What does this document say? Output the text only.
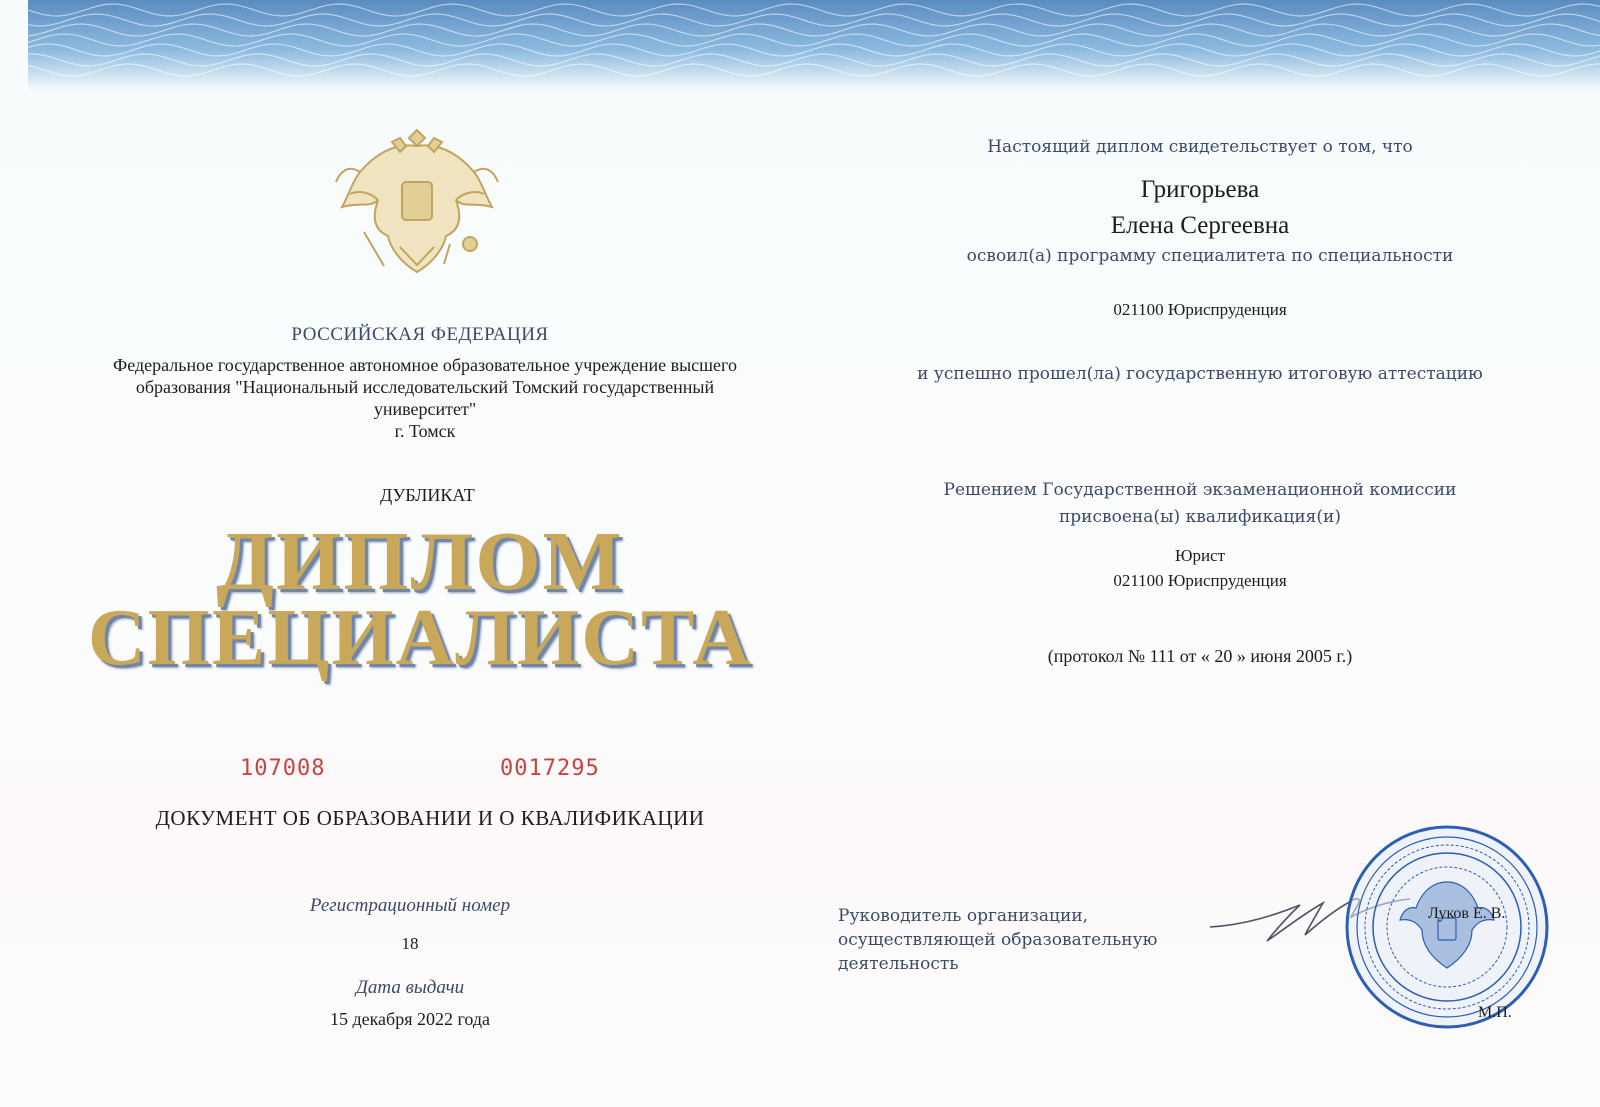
РОССИЙСКАЯ ФЕДЕРАЦИЯ
Федеральное государственное автономное образовательное учреждение высшего
образования "Национальный исследовательский Томский государственный
университет"
г. Томск
ДУБЛИКАТ
ДИПЛОМ
СПЕЦИАЛИСТА
107008	0017295
ДОКУМЕНТ ОБ ОБРАЗОВАНИИ И О КВАЛИФИКАЦИИ
Регистрационный номер
18
Дата выдачи
15 декабря 2022 года
Настоящий диплом свидетельствует о том, что
Григорьева
Елена Сергеевна
освоил(а) программу специалитета по специальности
021100 Юриспруденция
и успешно прошел(ла) государственную итоговую аттестацию
Решением Государственной экзаменационной комиссии
присвоена(ы) квалификация(и)
Юрист
021100 Юриспруденция
(протокол № 111 от « 20 » июня 2005 г.)
Руководитель организации,
осуществляющей образовательную
деятельность
Луков Е. В.
М.П.
